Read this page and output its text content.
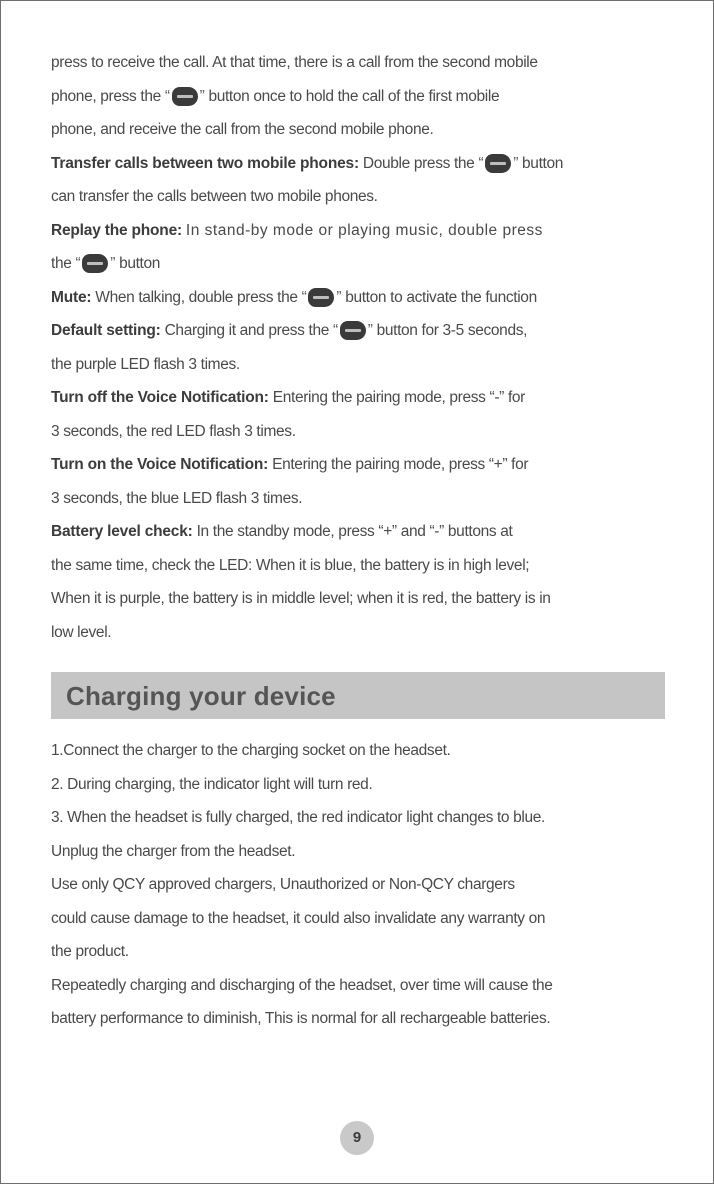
press to receive the call. At that time, there is a call from the second mobile

phone, press the “ ” button once to hold the call of the first mobile

phone, and receive the call from the second mobile phone.

Transfer calls between two mobile phones: Double press the “ ” button

can transfer the calls between two mobile phones.

Replay the phone: In stand-by mode or playing music, double press

the “ ” button

Mute: When talking, double press the “ ” button to activate the function

Default setting: Charging it and press the “ ” button for 3-5 seconds,

the purple LED flash 3 times.

Turn off the Voice Notification: Entering the pairing mode, press “-” for

3 seconds, the red LED flash 3 times.

Turn on the Voice Notification: Entering the pairing mode, press “+” for

3 seconds, the blue LED flash 3 times.

Battery level check: In the standby mode, press “+” and “-” buttons at

the same time, check the LED: When it is blue, the battery is in high level;

When it is purple, the battery is in middle level; when it is red, the battery is in

low level.

Charging your device

1.Connect the charger to the charging socket on the headset.

2. During charging, the indicator light will turn red.

3. When the headset is fully charged, the red indicator light changes to blue.

Unplug the charger from the headset.

Use only QCY approved chargers, Unauthorized or Non-QCY chargers

could cause damage to the headset, it could also invalidate any warranty on

the product.

Repeatedly charging and discharging of the headset, over time will cause the

battery performance to diminish, This is normal for all rechargeable batteries.

9
